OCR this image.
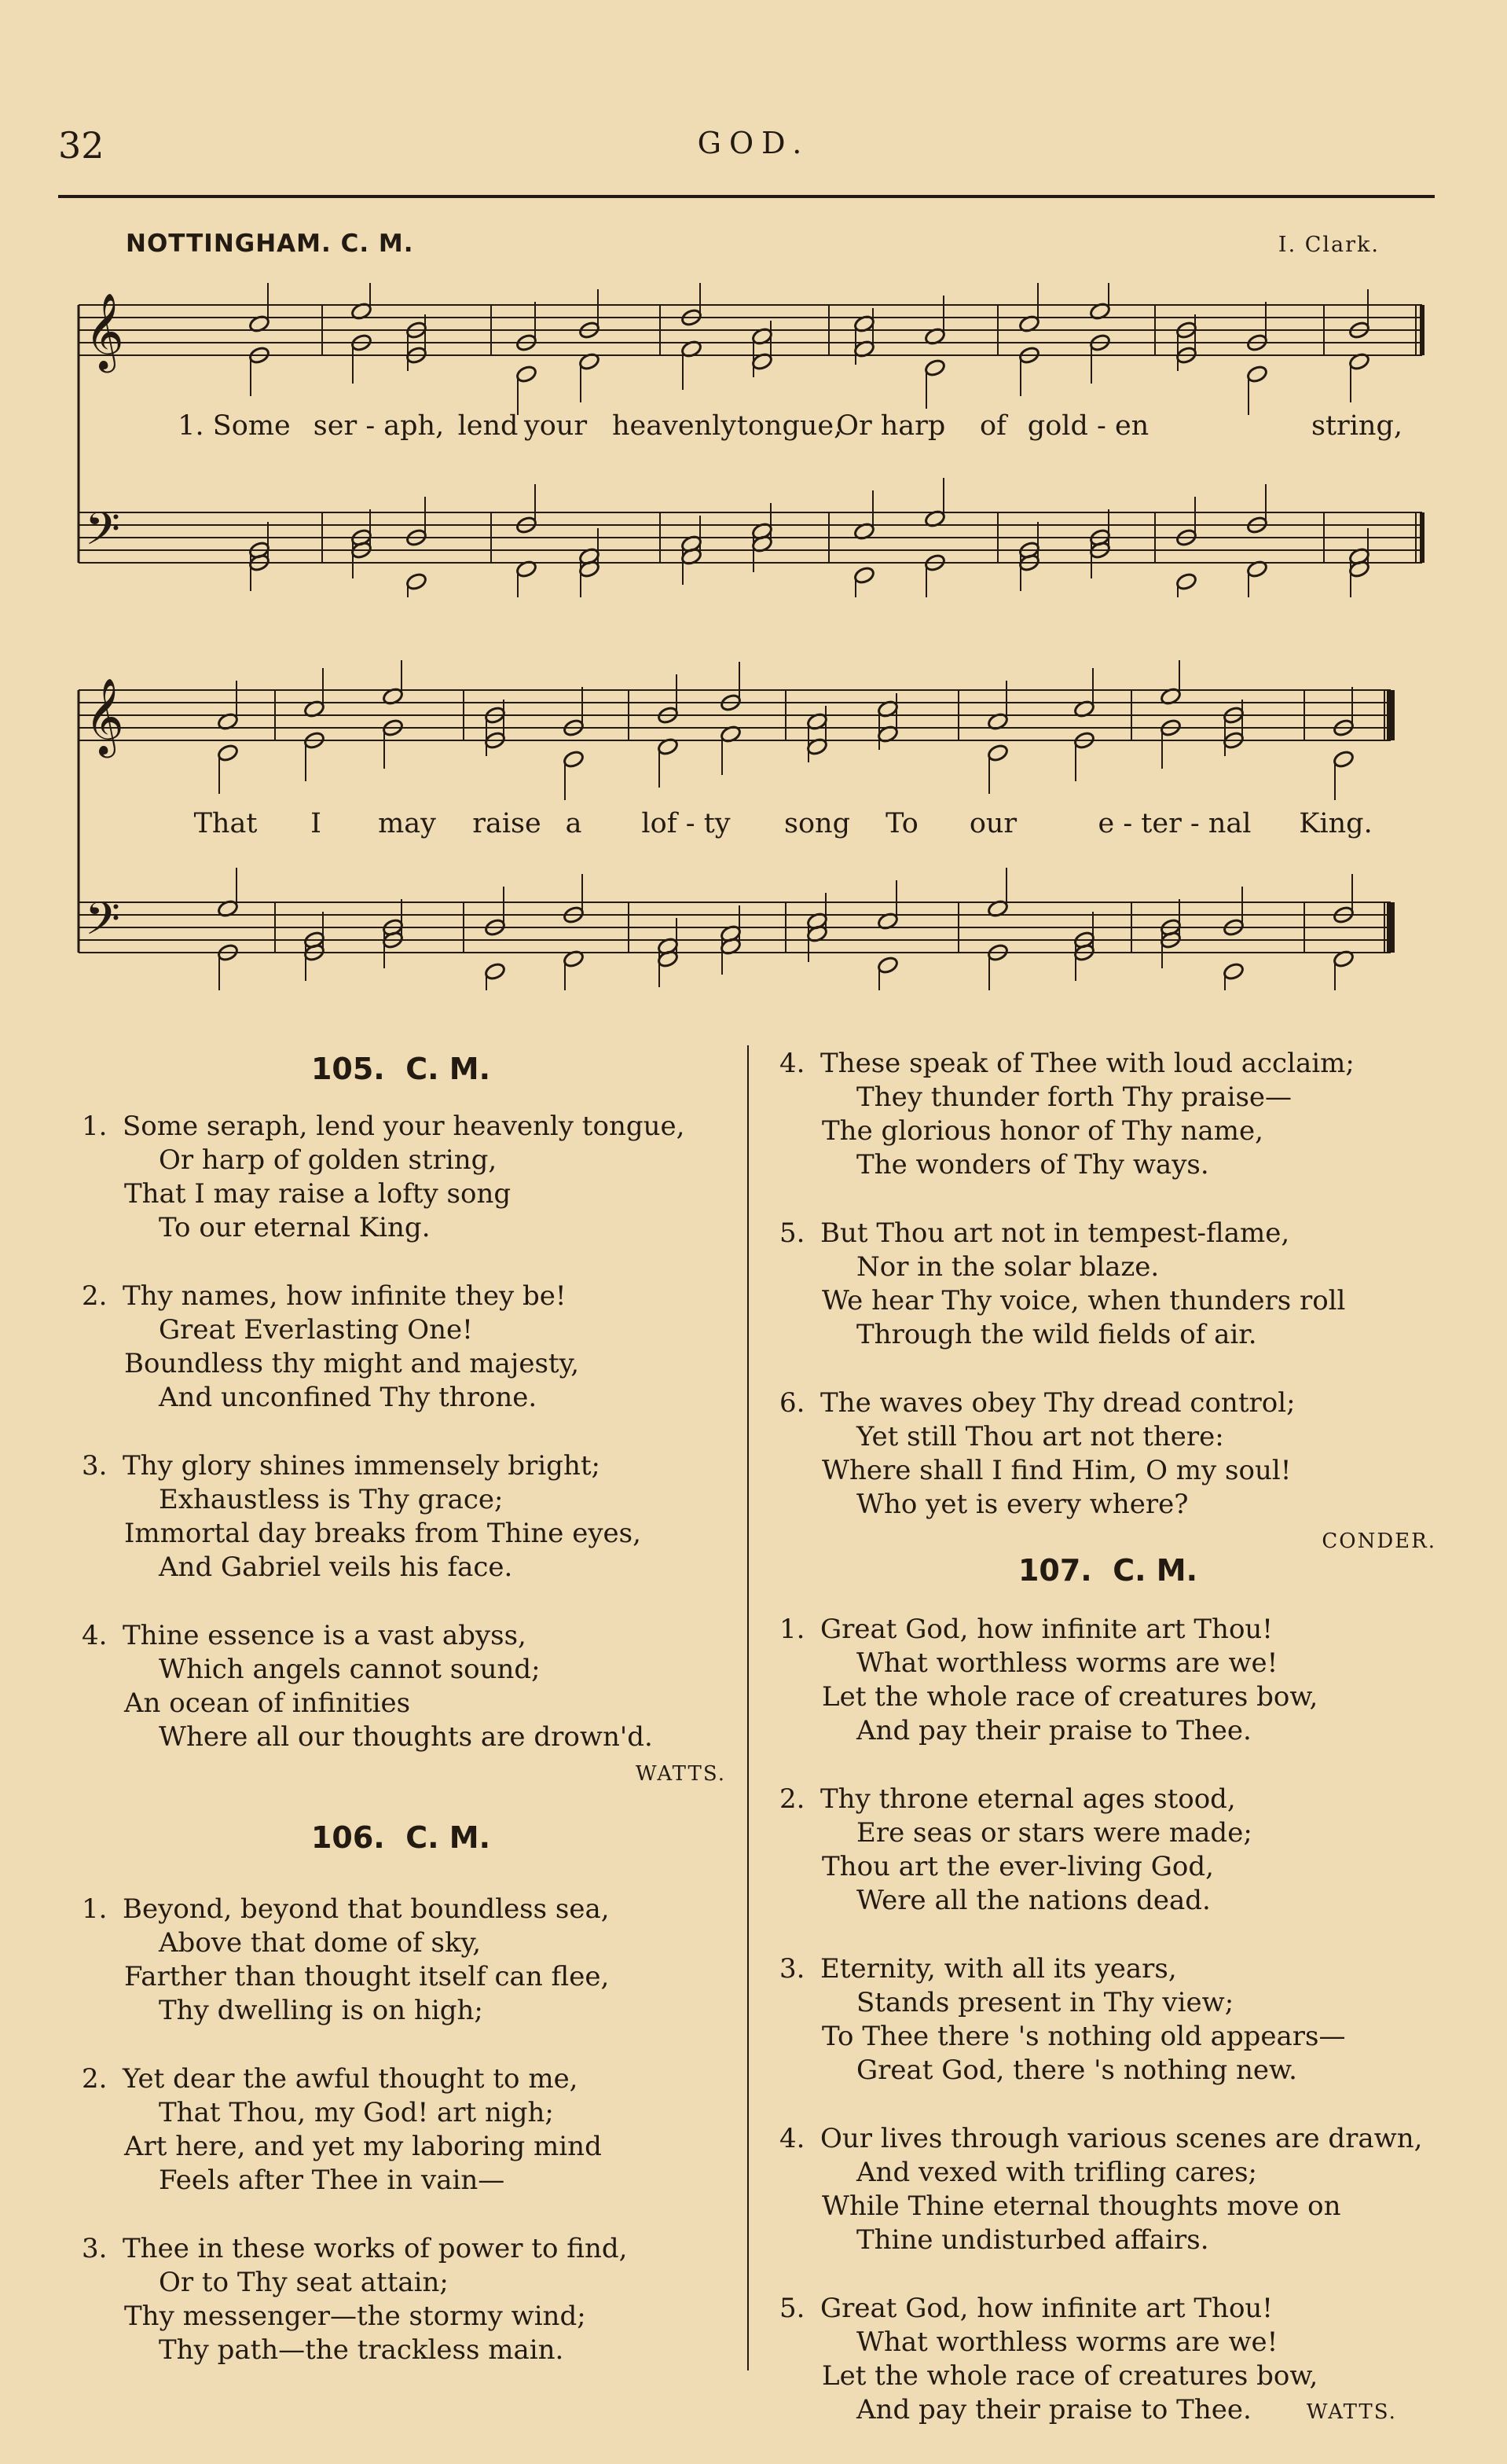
32	GOD.
NOTTINGHAM. C. M.	I. Clark.
𝄞
𝄢
1. Some ser - aph, lend your heavenly tongue,
Or harp of gold - en	string,
𝄞
𝄢
That I may raise a lof - ty song To our	e - ter - nal King.
105. C. M.
1. Some seraph, lend your heavenly tongue,
Or harp of golden string,
That I may raise a lofty song
To our eternal King.
2. Thy names, how infinite they be!
Great Everlasting One!
Boundless thy might and majesty,
And unconfined Thy throne.
3. Thy glory shines immensely bright;
Exhaustless is Thy grace;
Immortal day breaks from Thine eyes,
And Gabriel veils his face.
4. Thine essence is a vast abyss,
Which angels cannot sound;
An ocean of infinities
Where all our thoughts are drown'd.
WATTS.
106. C. M.
1. Beyond, beyond that boundless sea,
Above that dome of sky,
Farther than thought itself can flee,
Thy dwelling is on high;
2. Yet dear the awful thought to me,
That Thou, my God! art nigh;
Art here, and yet my laboring mind
Feels after Thee in vain—
3. Thee in these works of power to find,
Or to Thy seat attain;
Thy messenger—the stormy wind;
Thy path—the trackless main.
4. These speak of Thee with loud acclaim;
They thunder forth Thy praise—
The glorious honor of Thy name,
The wonders of Thy ways.
5. But Thou art not in tempest-flame,
Nor in the solar blaze.
We hear Thy voice, when thunders roll
Through the wild fields of air.
6. The waves obey Thy dread control;
Yet still Thou art not there:
Where shall I find Him, O my soul!
Who yet is every where?
CONDER.
107. C. M.
1. Great God, how infinite art Thou!
What worthless worms are we!
Let the whole race of creatures bow,
And pay their praise to Thee.
2. Thy throne eternal ages stood,
Ere seas or stars were made;
Thou art the ever-living God,
Were all the nations dead.
3. Eternity, with all its years,
Stands present in Thy view;
To Thee there 's nothing old appears—
Great God, there 's nothing new.
4. Our lives through various scenes are drawn,
And vexed with trifling cares;
While Thine eternal thoughts move on
Thine undisturbed affairs.
5. Great God, how infinite art Thou!
What worthless worms are we!
Let the whole race of creatures bow,
And pay their praise to Thee.	WATTS.
